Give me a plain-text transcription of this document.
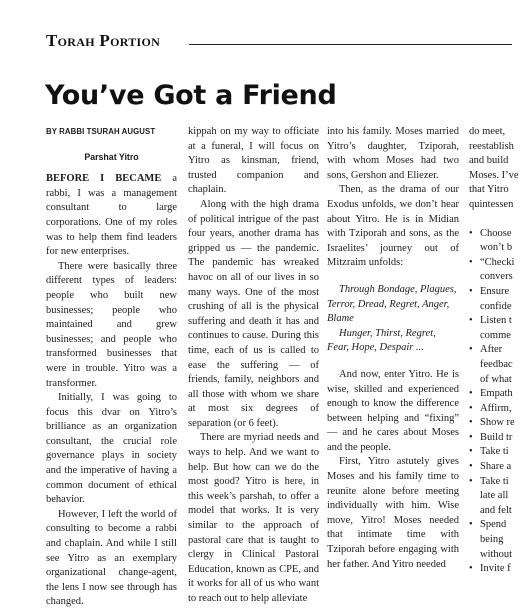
Torah Portion
You’ve Got a Friend
BY RABBI TSURAH AUGUST
Parshat Yitro

BEFORE I BECAME a rabbi, I was a management consultant to large corporations. One of my roles was to help them find leaders for new enterprises.

There were basically three different types of leaders: people who built new businesses; people who maintained and grew businesses; and people who transformed businesses that were in trouble. Yitro was a transformer.

Initially, I was going to focus this dvar on Yitro’s brilliance as an organization consultant, the crucial role governance plays in society and the imperative of having a common document of ethical behavior.

However, I left the world of consulting to become a rabbi and chaplain. And while I still see Yitro as an exemplary organizational change-agent, the lens I now see through has changed.

kippah on my way to officiate at a funeral, I will focus on Yitro as kinsman, friend, trusted companion and chaplain.

Along with the high drama of political intrigue of the past four years, another drama has gripped us — the pandemic. The pandemic has wreaked havoc on all of our lives in so many ways. One of the most crushing of all is the physical suffering and death it has and continues to cause. During this time, each of us is called to ease the suffering — of friends, family, neighbors and all those with whom we share at most six degrees of separation (or 6 feet).

There are myriad needs and ways to help. And we want to help. But how can we do the most good? Yitro is here, in this week’s parshah, to offer a model that works. It is very similar to the approach of pastoral care that is taught to clergy in Clinical Pastoral Education, known as CPE, and it works for all of us who want to reach out to help alleviate

into his family. Moses married Yitro’s daughter, Tziporah, with whom Moses had two sons, Gershon and Eliezer.

Then, as the drama of our Exodus unfolds, we don’t hear about Yitro. He is in Midian with Tziporah and sons, as the Israelites’ journey out of Mitzraim unfolds:

Through Bondage, Plagues, Terror, Dread, Regret, Anger, Blame

Hunger, Thirst, Regret, Fear, Hope, Despair ...

And now, enter Yitro. He is wise, skilled and experienced enough to know the difference between helping and “fixing” — and he cares about Moses and the people.

First, Yitro astutely gives Moses and his family time to reunite alone before meeting individually with him. Wise move, Yitro! Moses needed that intimate time with Tziporah before engaging with her father. And Yitro needed

do meet,
reestablish
and build
Moses. I’ve
that Yitro
quintessen
• Choose
won’t b
• “Checki
convers
• Ensure
confide
• Listen t
comme
• After
feedbac
of what
• Empath
• Affirm,
• Show re
• Build tr
• Take ti
• Share a
• Take ti
late all
and felt
• Spend
being
without
• Invite f
